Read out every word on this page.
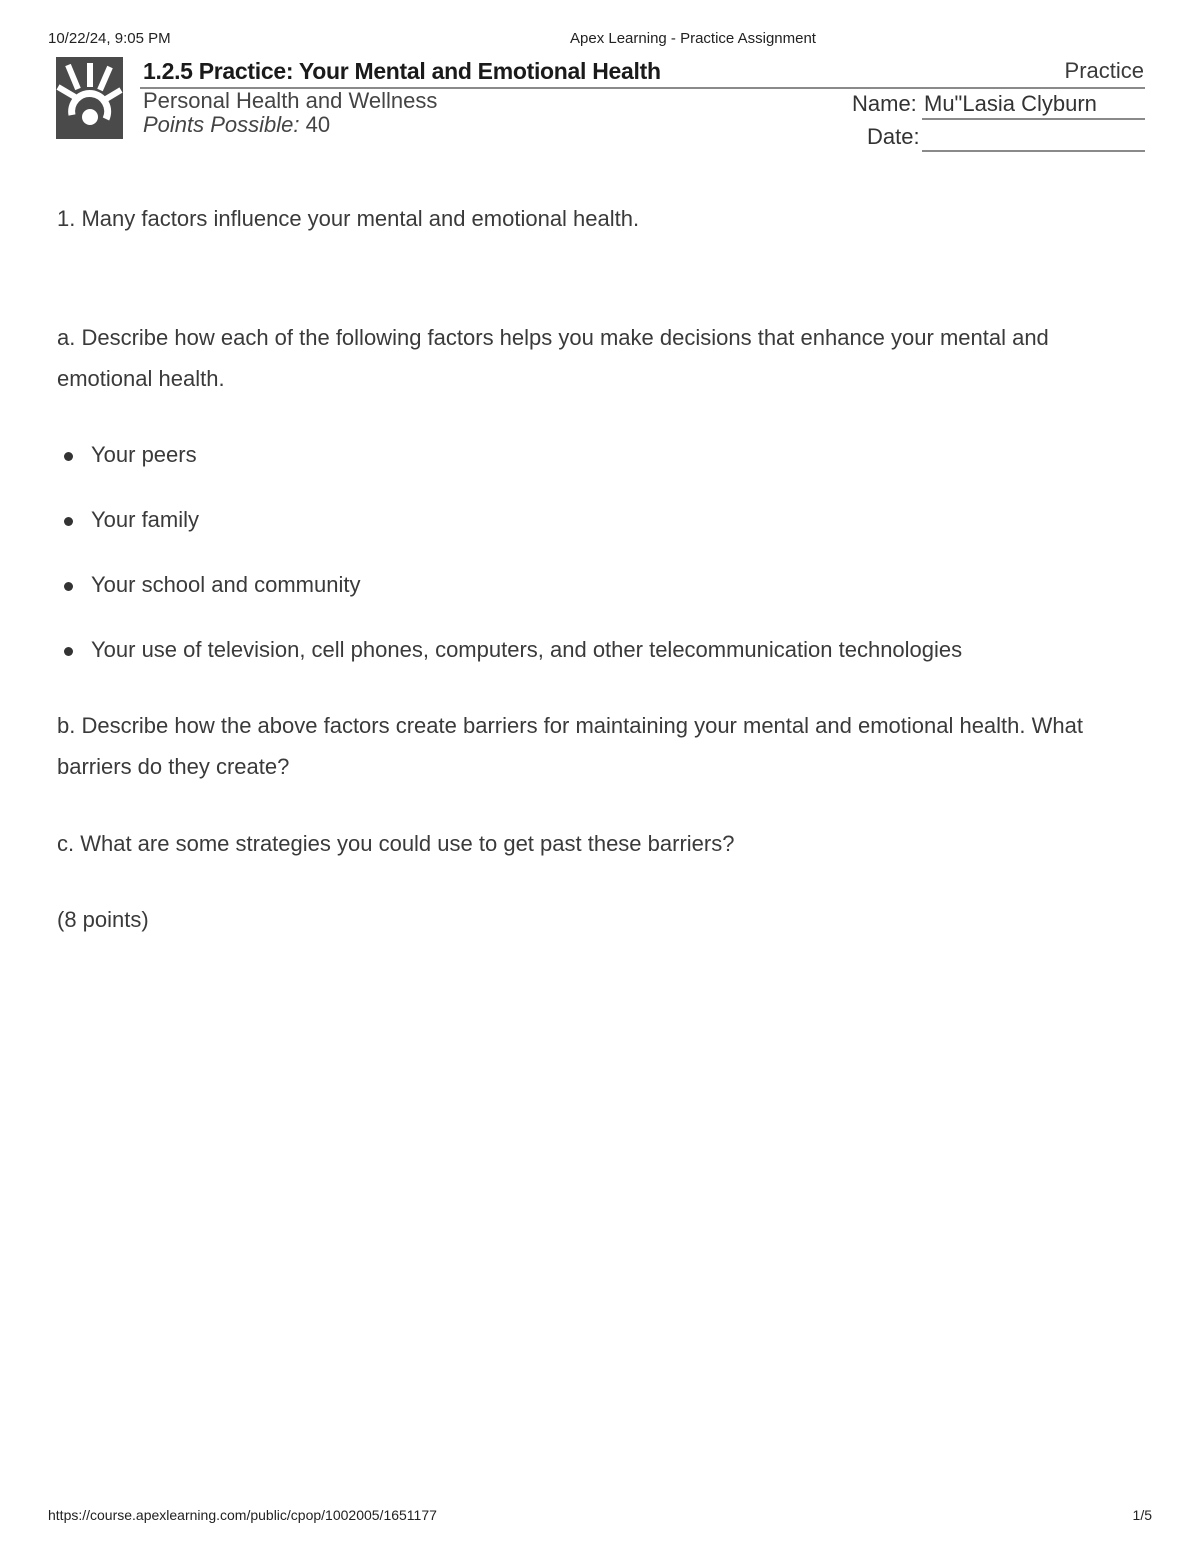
10/22/24, 9:05 PM	Apex Learning - Practice Assignment
1.2.5 Practice: Your Mental and Emotional Health	Practice
Personal Health and Wellness
Points Possible: 40
Name: Mu"Lasia Clyburn
Date:
1. Many factors influence your mental and emotional health.
a. Describe how each of the following factors helps you make decisions that enhance your mental and emotional health.
Your peers
Your family
Your school and community
Your use of television, cell phones, computers, and other telecommunication technologies
b. Describe how the above factors create barriers for maintaining your mental and emotional health. What barriers do they create?
c. What are some strategies you could use to get past these barriers?
(8 points)
https://course.apexlearning.com/public/cpop/1002005/1651177	1/5
